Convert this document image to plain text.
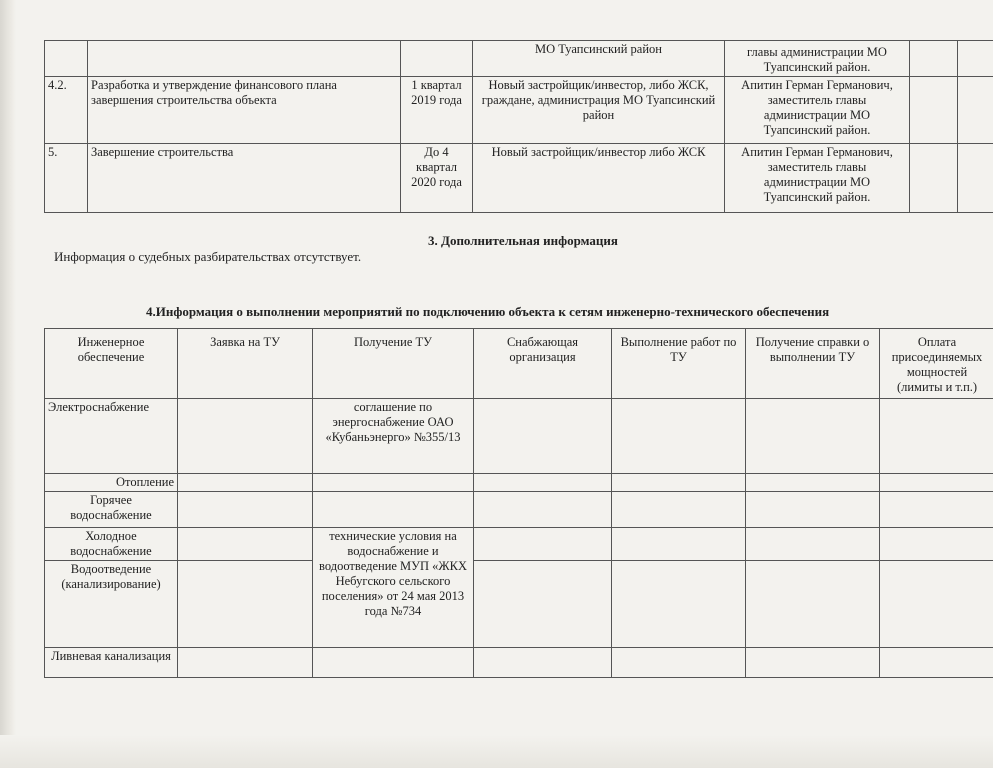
			МО Туапсинский район	главы администрации МО Туапсинский район.		
4.2.	Разработка и утверждение финансового плана завершения строительства объекта	1 квартал 2019 года	Новый застройщик/инвестор, либо ЖСК, граждане, администрация МО Туапсинский район	Апитин Герман Германович, заместитель главы администрации МО Туапсинский район.		
5.	Завершение строительства	До 4 квартал 2020 года	Новый застройщик/инвестор либо ЖСК	Апитин Герман Германович, заместитель главы администрации МО Туапсинский район.		
3. Дополнительная информация
Информация о судебных разбирательствах отсутствует.
4.Информация о выполнении мероприятий по подключению объекта к сетям инженерно-технического обеспечения
Инженерное обеспечение	Заявка на ТУ	Получение ТУ	Снабжающая организация	Выполнение работ по ТУ	Получение справки о выполнении ТУ	Оплата присоединяемых мощностей (лимиты и т.п.)
Электроснабжение		соглашение по энергоснабжение ОАО «Кубаньэнерго» №355/13				
Отопление						
Горячее водоснабжение						
Холодное водоснабжение		технические условия на водоснабжение и водоотведение МУП «ЖКХ Небугского сельского поселения» от 24 мая 2013 года №734				
Водоотведение (канализирование)						
Ливневая канализация						
